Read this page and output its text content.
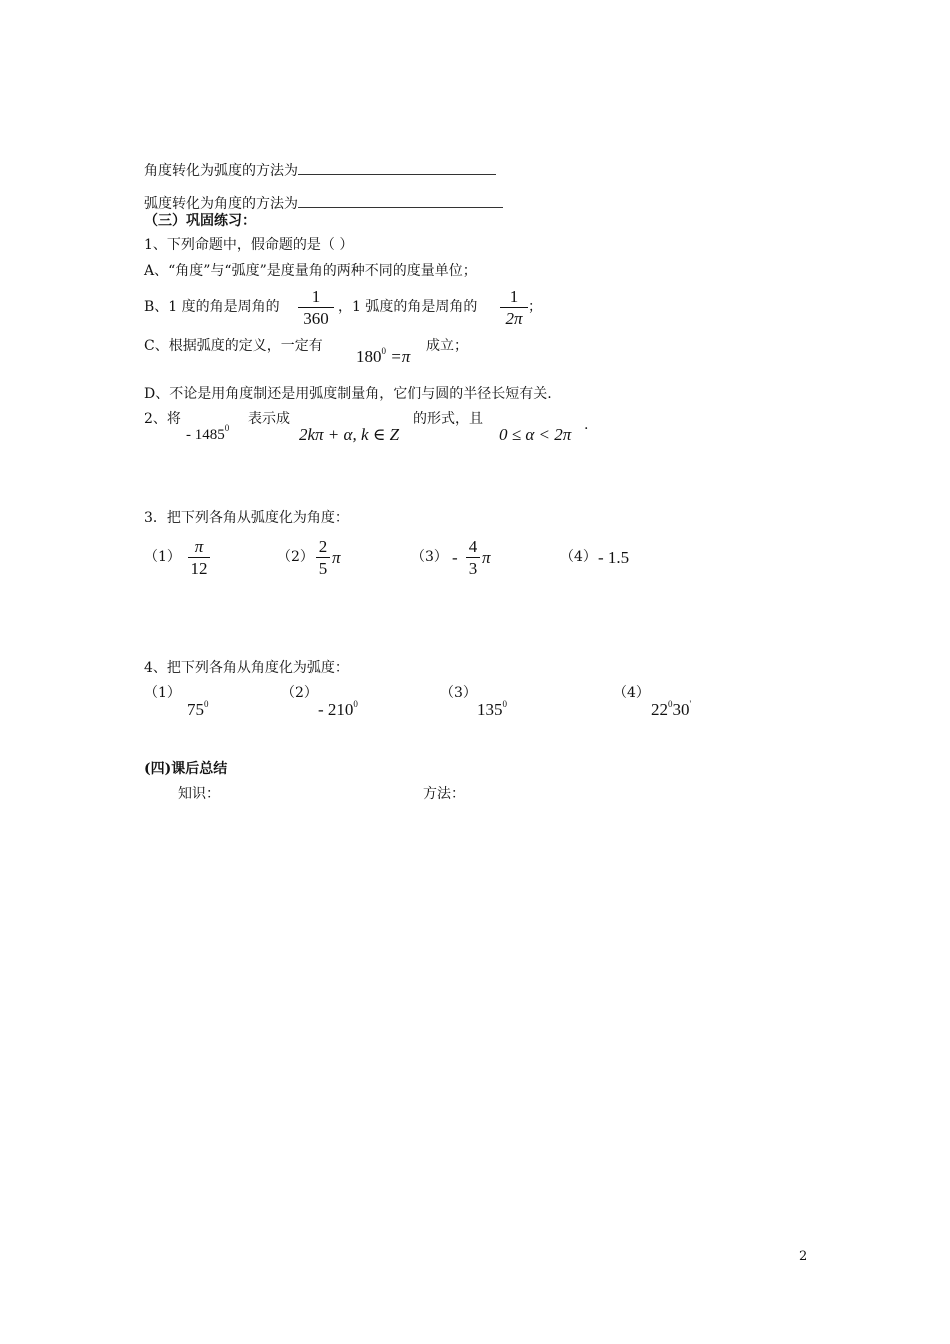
角度转化为弧度的方法为
弧度转化为角度的方法为
（三）巩固练习：
1、下列命题中，假命题的是（ ）
A、“角度”与“弧度”是度量角的两种不同的度量单位；
B、1 度的角是周角的
1
360
，1 弧度的角是周角的
1
2π
；
C、根据弧度的定义，一定有
$180^0 =\pi$
成立；
D、不论是用角度制还是用弧度制量角，它们与圆的半径长短有关.
2、将
- 1485$^0$
表示成
2kπ + α, k ∈ Z
的形式，且
0 ≤ α < 2π .
3．把下列各角从弧度化为角度：
（1）
π
12
（2）
2
5
π	（3） -
4
3
π	（4） - 1.5
4、把下列各角从角度化为弧度：
（1）
$75^0$
（2）
- $210^0$
（3）
$135^0$
（4）
$22^030'$
(四)课后总结
知识：	方法：
2
